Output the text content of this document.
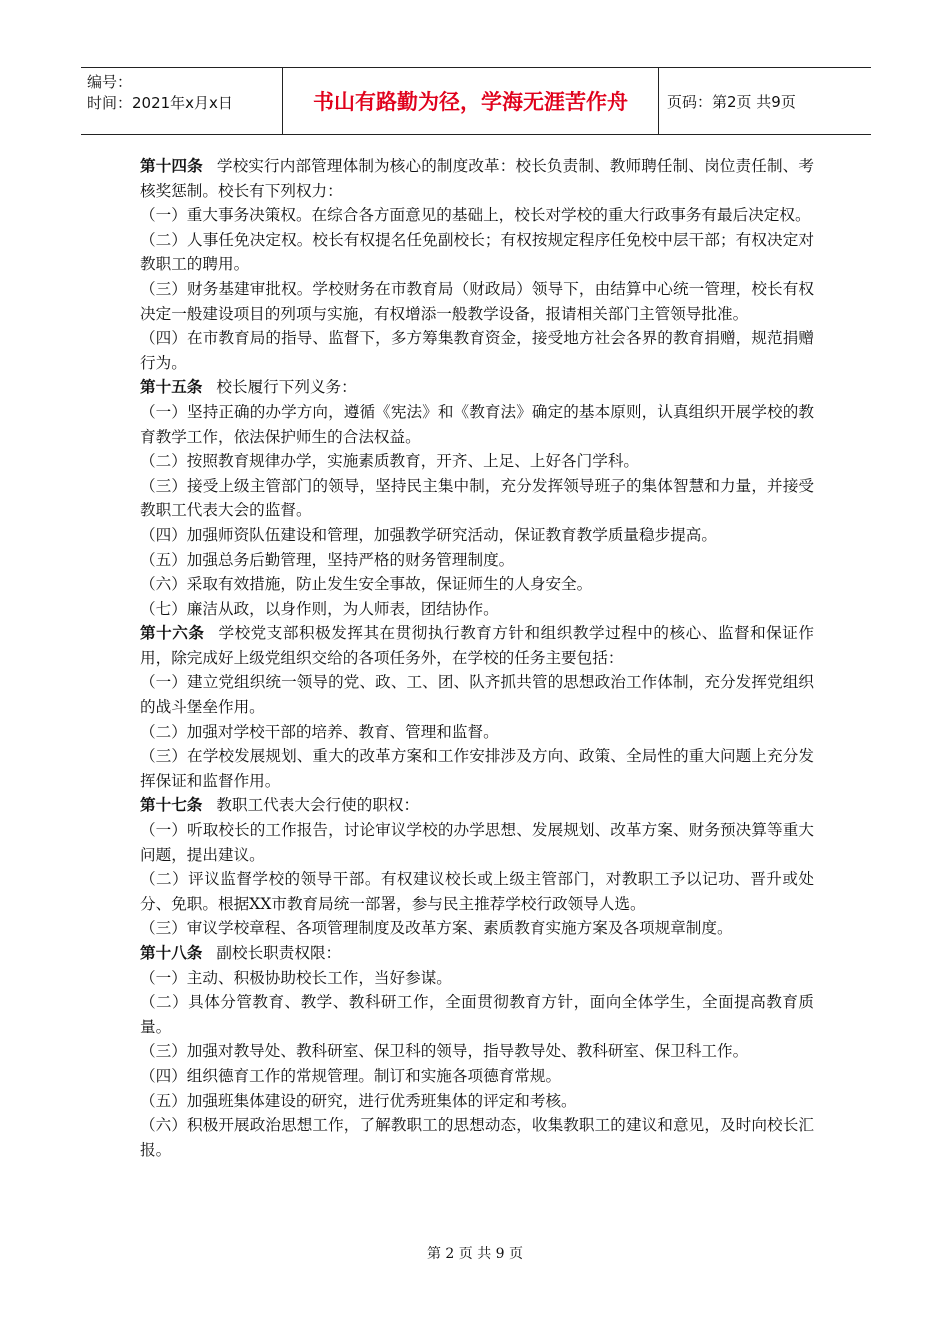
编号：
时间：2021年x月x日	书山有路勤为径，学海无涯苦作舟	页码：第2页 共9页

第十四条 学校实行内部管理体制为核心的制度改革：校长负责制、教师聘任制、岗位责任制、考核奖惩制。校长有下列权力：

（一）重大事务决策权。在综合各方面意见的基础上，校长对学校的重大行政事务有最后决定权。

（二）人事任免决定权。校长有权提名任免副校长；有权按规定程序任免校中层干部；有权决定对教职工的聘用。

（三）财务基建审批权。学校财务在市教育局（财政局）领导下，由结算中心统一管理，校长有权决定一般建设项目的列项与实施，有权增添一般教学设备，报请相关部门主管领导批准。

（四）在市教育局的指导、监督下，多方筹集教育资金，接受地方社会各界的教育捐赠，规范捐赠行为。

第十五条 校长履行下列义务：

（一）坚持正确的办学方向，遵循《宪法》和《教育法》确定的基本原则，认真组织开展学校的教育教学工作，依法保护师生的合法权益。

（二）按照教育规律办学，实施素质教育，开齐、上足、上好各门学科。

（三）接受上级主管部门的领导，坚持民主集中制，充分发挥领导班子的集体智慧和力量，并接受教职工代表大会的监督。

（四）加强师资队伍建设和管理，加强教学研究活动，保证教育教学质量稳步提高。

（五）加强总务后勤管理，坚持严格的财务管理制度。

（六）采取有效措施，防止发生安全事故，保证师生的人身安全。

（七）廉洁从政，以身作则，为人师表，团结协作。

第十六条 学校党支部积极发挥其在贯彻执行教育方针和组织教学过程中的核心、监督和保证作用，除完成好上级党组织交给的各项任务外，在学校的任务主要包括：

（一）建立党组织统一领导的党、政、工、团、队齐抓共管的思想政治工作体制，充分发挥党组织的战斗堡垒作用。

（二）加强对学校干部的培养、教育、管理和监督。

（三）在学校发展规划、重大的改革方案和工作安排涉及方向、政策、全局性的重大问题上充分发挥保证和监督作用。

第十七条 教职工代表大会行使的职权：

（一）听取校长的工作报告，讨论审议学校的办学思想、发展规划、改革方案、财务预决算等重大问题，提出建议。

（二）评议监督学校的领导干部。有权建议校长或上级主管部门，对教职工予以记功、晋升或处分、免职。根据XX市教育局统一部署，参与民主推荐学校行政领导人选。

（三）审议学校章程、各项管理制度及改革方案、素质教育实施方案及各项规章制度。

第十八条 副校长职责权限：

（一）主动、积极协助校长工作，当好参谋。

（二）具体分管教育、教学、教科研工作，全面贯彻教育方针，面向全体学生，全面提高教育质量。

（三）加强对教导处、教科研室、保卫科的领导，指导教导处、教科研室、保卫科工作。

（四）组织德育工作的常规管理。制订和实施各项德育常规。

（五）加强班集体建设的研究，进行优秀班集体的评定和考核。

（六）积极开展政治思想工作，了解教职工的思想动态，收集教职工的建议和意见，及时向校长汇报。

第 2 页 共 9 页
